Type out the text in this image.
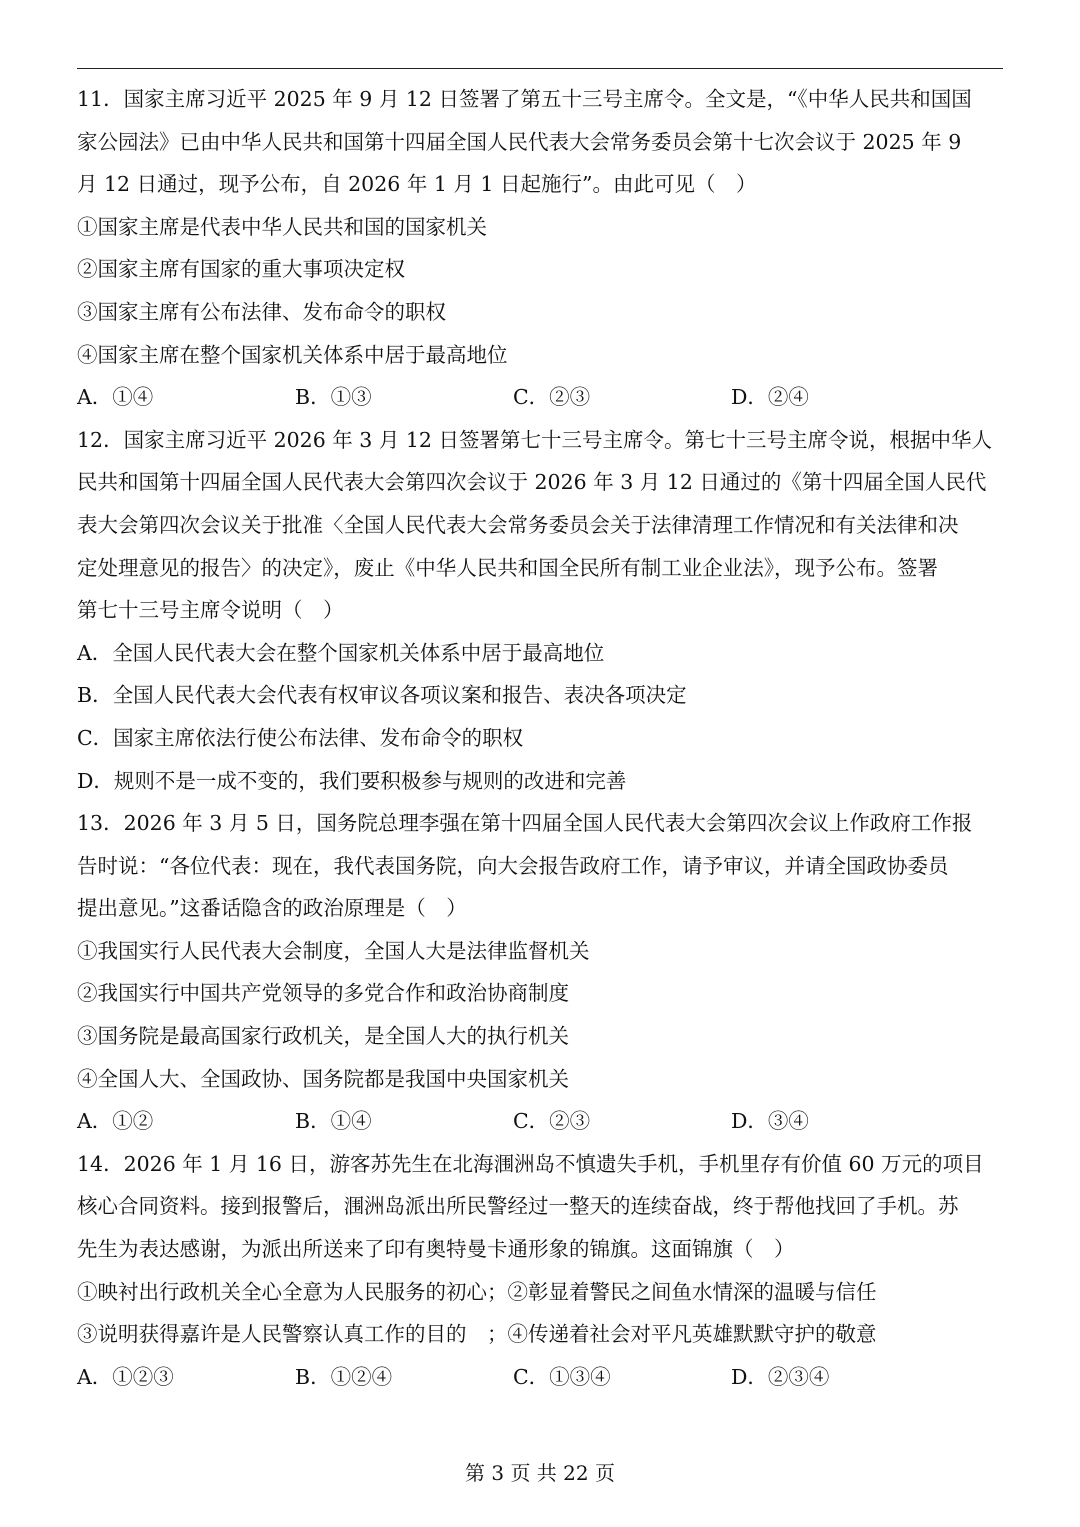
11．国家主席习近平 2025 年 9 月 12 日签署了第五十三号主席令。全文是，“《中华人民共和国国
家公园法》已由中华人民共和国第十四届全国人民代表大会常务委员会第十七次会议于 2025 年 9
月 12 日通过，现予公布，自 2026 年 1 月 1 日起施行”。由此可见（　）
①国家主席是代表中华人民共和国的国家机关
②国家主席有国家的重大事项决定权
③国家主席有公布法律、发布命令的职权
④国家主席在整个国家机关体系中居于最高地位
A．①④	B．①③	C．②③	D．②④
12．国家主席习近平 2026 年 3 月 12 日签署第七十三号主席令。第七十三号主席令说，根据中华人
民共和国第十四届全国人民代表大会第四次会议于 2026 年 3 月 12 日通过的《第十四届全国人民代
表大会第四次会议关于批准〈全国人民代表大会常务委员会关于法律清理工作情况和有关法律和决
定处理意见的报告〉的决定》，废止《中华人民共和国全民所有制工业企业法》，现予公布。签署
第七十三号主席令说明（　）
A．全国人民代表大会在整个国家机关体系中居于最高地位
B．全国人民代表大会代表有权审议各项议案和报告、表决各项决定
C．国家主席依法行使公布法律、发布命令的职权
D．规则不是一成不变的，我们要积极参与规则的改进和完善
13．2026 年 3 月 5 日，国务院总理李强在第十四届全国人民代表大会第四次会议上作政府工作报
告时说：“各位代表：现在，我代表国务院，向大会报告政府工作，请予审议，并请全国政协委员
提出意见。”这番话隐含的政治原理是（　）
①我国实行人民代表大会制度，全国人大是法律监督机关
②我国实行中国共产党领导的多党合作和政治协商制度
③国务院是最高国家行政机关，是全国人大的执行机关
④全国人大、全国政协、国务院都是我国中央国家机关
A．①②	B．①④	C．②③	D．③④
14．2026 年 1 月 16 日，游客苏先生在北海涠洲岛不慎遗失手机，手机里存有价值 60 万元的项目
核心合同资料。接到报警后，涠洲岛派出所民警经过一整天的连续奋战，终于帮他找回了手机。苏
先生为表达感谢，为派出所送来了印有奥特曼卡通形象的锦旗。这面锦旗（　）
①映衬出行政机关全心全意为人民服务的初心；②彰显着警民之间鱼水情深的温暖与信任
③说明获得嘉许是人民警察认真工作的目的　；④传递着社会对平凡英雄默默守护的敬意
A．①②③	B．①②④	C．①③④	D．②③④
第 3 页 共 22 页
